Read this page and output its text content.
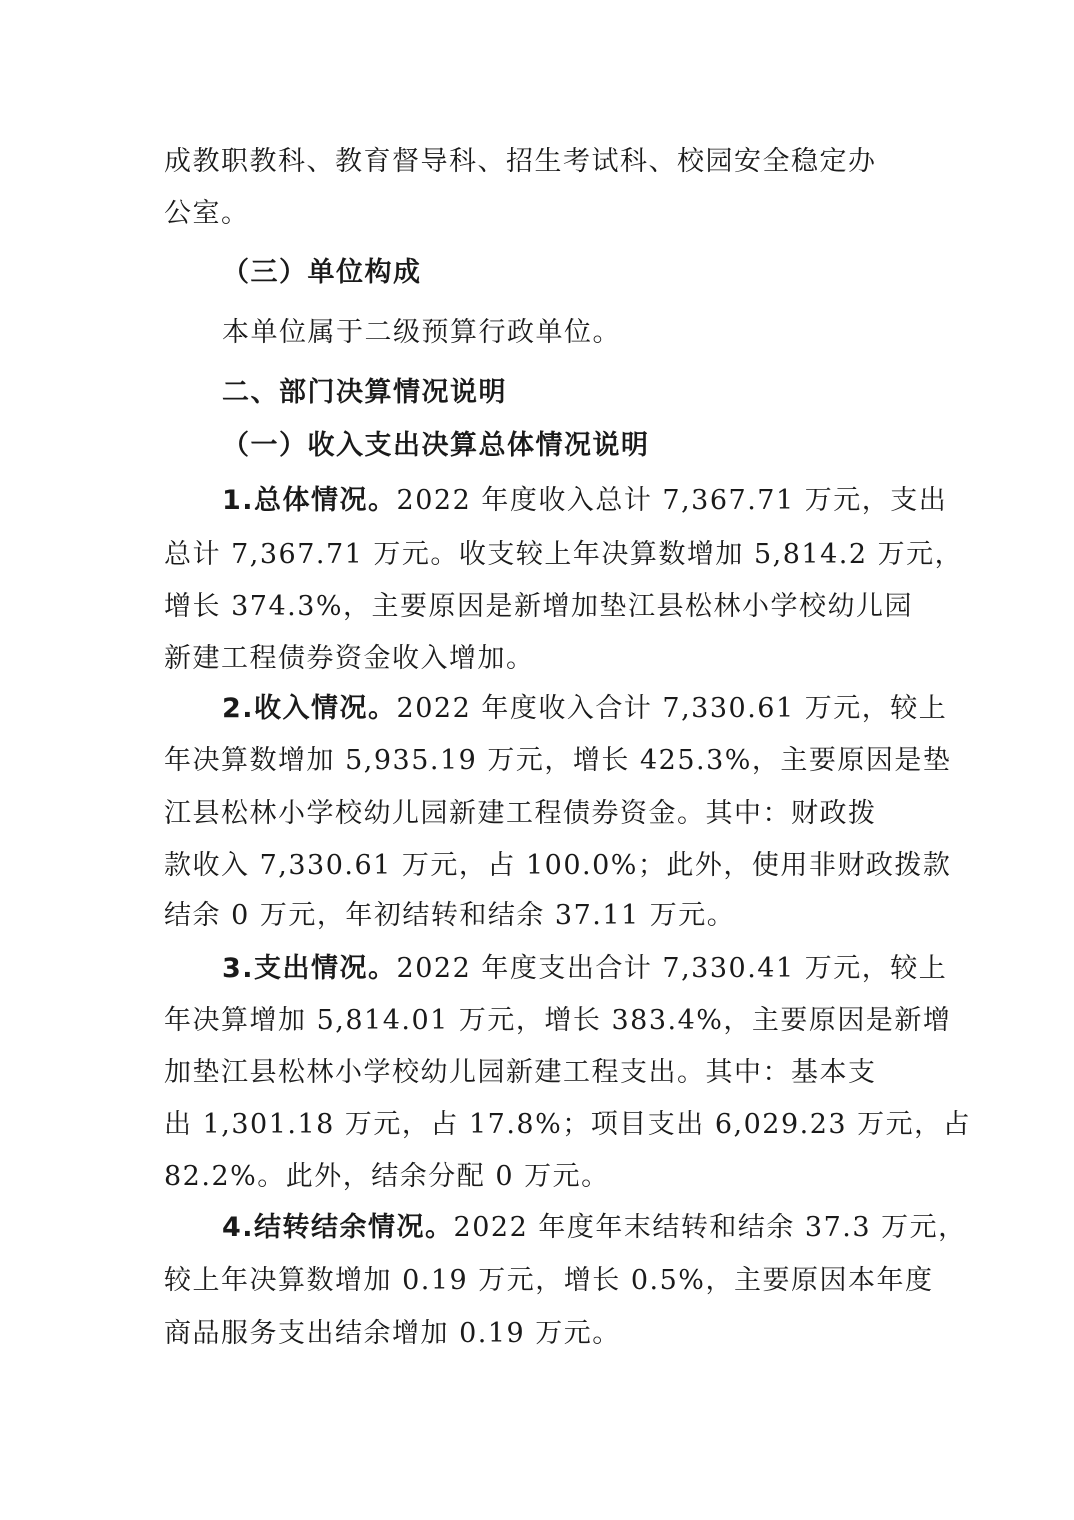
成教职教科、教育督导科、招生考试科、校园安全稳定办
公室。
（三）单位构成
本单位属于二级预算行政单位。
二、部门决算情况说明
（一）收入支出决算总体情况说明
1.总体情况。2022 年度收入总计 7,367.71 万元，支出
总计 7,367.71 万元。收支较上年决算数增加 5,814.2 万元，
增长 374.3%，主要原因是新增加垫江县松林小学校幼儿园
新建工程债券资金收入增加。
2.收入情况。2022 年度收入合计 7,330.61 万元，较上
年决算数增加 5,935.19 万元，增长 425.3%，主要原因是垫
江县松林小学校幼儿园新建工程债券资金。其中：财政拨
款收入 7,330.61 万元，占 100.0%；此外，使用非财政拨款
结余 0 万元，年初结转和结余 37.11 万元。
3.支出情况。2022 年度支出合计 7,330.41 万元，较上
年决算增加 5,814.01 万元，增长 383.4%，主要原因是新增
加垫江县松林小学校幼儿园新建工程支出。其中：基本支
出 1,301.18 万元，占 17.8%；项目支出 6,029.23 万元，占
82.2%。此外，结余分配 0 万元。
4.结转结余情况。2022 年度年末结转和结余 37.3 万元，
较上年决算数增加 0.19 万元，增长 0.5%，主要原因本年度
商品服务支出结余增加 0.19 万元。
